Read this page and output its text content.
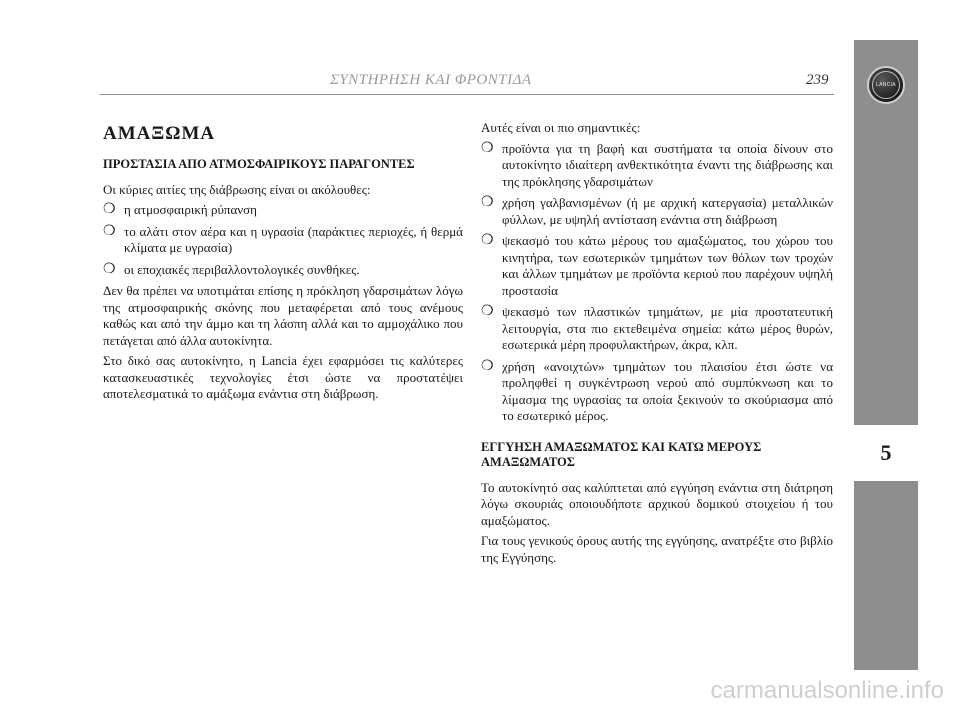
ΣΥΝΤΗΡΗΣΗ ΚΑΙ ΦΡΟΝΤΙΔΑ	239	LANCIA
5
ΑΜΑΞΩΜΑ
ΠΡΟΣΤΑΣΙΑ ΑΠΟ ΑΤΜΟΣΦΑΙΡΙΚΟΥΣ ΠΑΡΑΓΟΝΤΕΣ

Οι κύριες αιτίες της διάβρωσης είναι οι ακόλουθες:

❍ η ατμοσφαιρική ρύπανση
❍ το αλάτι στον αέρα και η υγρασία (παράκτιες περιοχές, ή θερμά κλίματα με υγρασία)
❍ οι εποχιακές περιβαλλοντολογικές συνθήκες.

Δεν θα πρέπει να υποτιμάται επίσης η πρόκληση γδαρσιμάτων λόγω της ατμοσφαιρικής σκόνης που μεταφέρεται από τους ανέμους καθώς και από την άμμο και τη λάσπη αλλά και το αμμοχάλικο που πετάγεται από άλλα αυτοκίνητα.

Στο δικό σας αυτοκίνητο, η Lancia έχει εφαρμόσει τις καλύτερες κατασκευαστικές τεχνολογίες έτσι ώστε να προστατέψει αποτελεσματικά το αμάξωμα ενάντια στη διάβρωση.

Αυτές είναι οι πιο σημαντικές:

❍ προϊόντα για τη βαφή και συστήματα τα οποία δίνουν στο αυτοκίνητο ιδιαίτερη ανθεκτικότητα έναντι της διάβρωσης και της πρόκλησης γδαρσιμάτων
❍ χρήση γαλβανισμένων (ή με αρχική κατεργασία) μεταλλικών φύλλων, με υψηλή αντίσταση ενάντια στη διάβρωση
❍ ψεκασμό του κάτω μέρους του αμαξώματος, του χώρου του κινητήρα, των εσωτερικών τμημάτων των θόλων των τροχών και άλλων τμημάτων με προϊόντα κεριού που παρέχουν υψηλή προστασία
❍ ψεκασμό των πλαστικών τμημάτων, με μία προστατευτική λειτουργία, στα πιο εκτεθειμένα σημεία: κάτω μέρος θυρών, εσωτερικά μέρη προφυλακτήρων, άκρα, κλπ.
❍ χρήση «ανοιχτών» τμημάτων του πλαισίου έτσι ώστε να προληφθεί η συγκέντρωση νερού από συμπύκνωση και το λίμασμα της υγρασίας τα οποία ξεκινούν το σκούριασμα από το εσωτερικό μέρος.
ΕΓΓΥΗΣΗ ΑΜΑΞΩΜΑΤΟΣ ΚΑΙ ΚΑΤΩ ΜΕΡΟΥΣ ΑΜΑΞΩΜΑΤΟΣ

Το αυτοκίνητό σας καλύπτεται από εγγύηση ενάντια στη διάτρηση λόγω σκουριάς οποιουδήποτε αρχικού δομικού στοιχείου ή του αμαξώματος.

Για τους γενικούς όρους αυτής της εγγύησης, ανατρέξτε στο βιβλίο της Εγγύησης.

carmanualsonline.info
